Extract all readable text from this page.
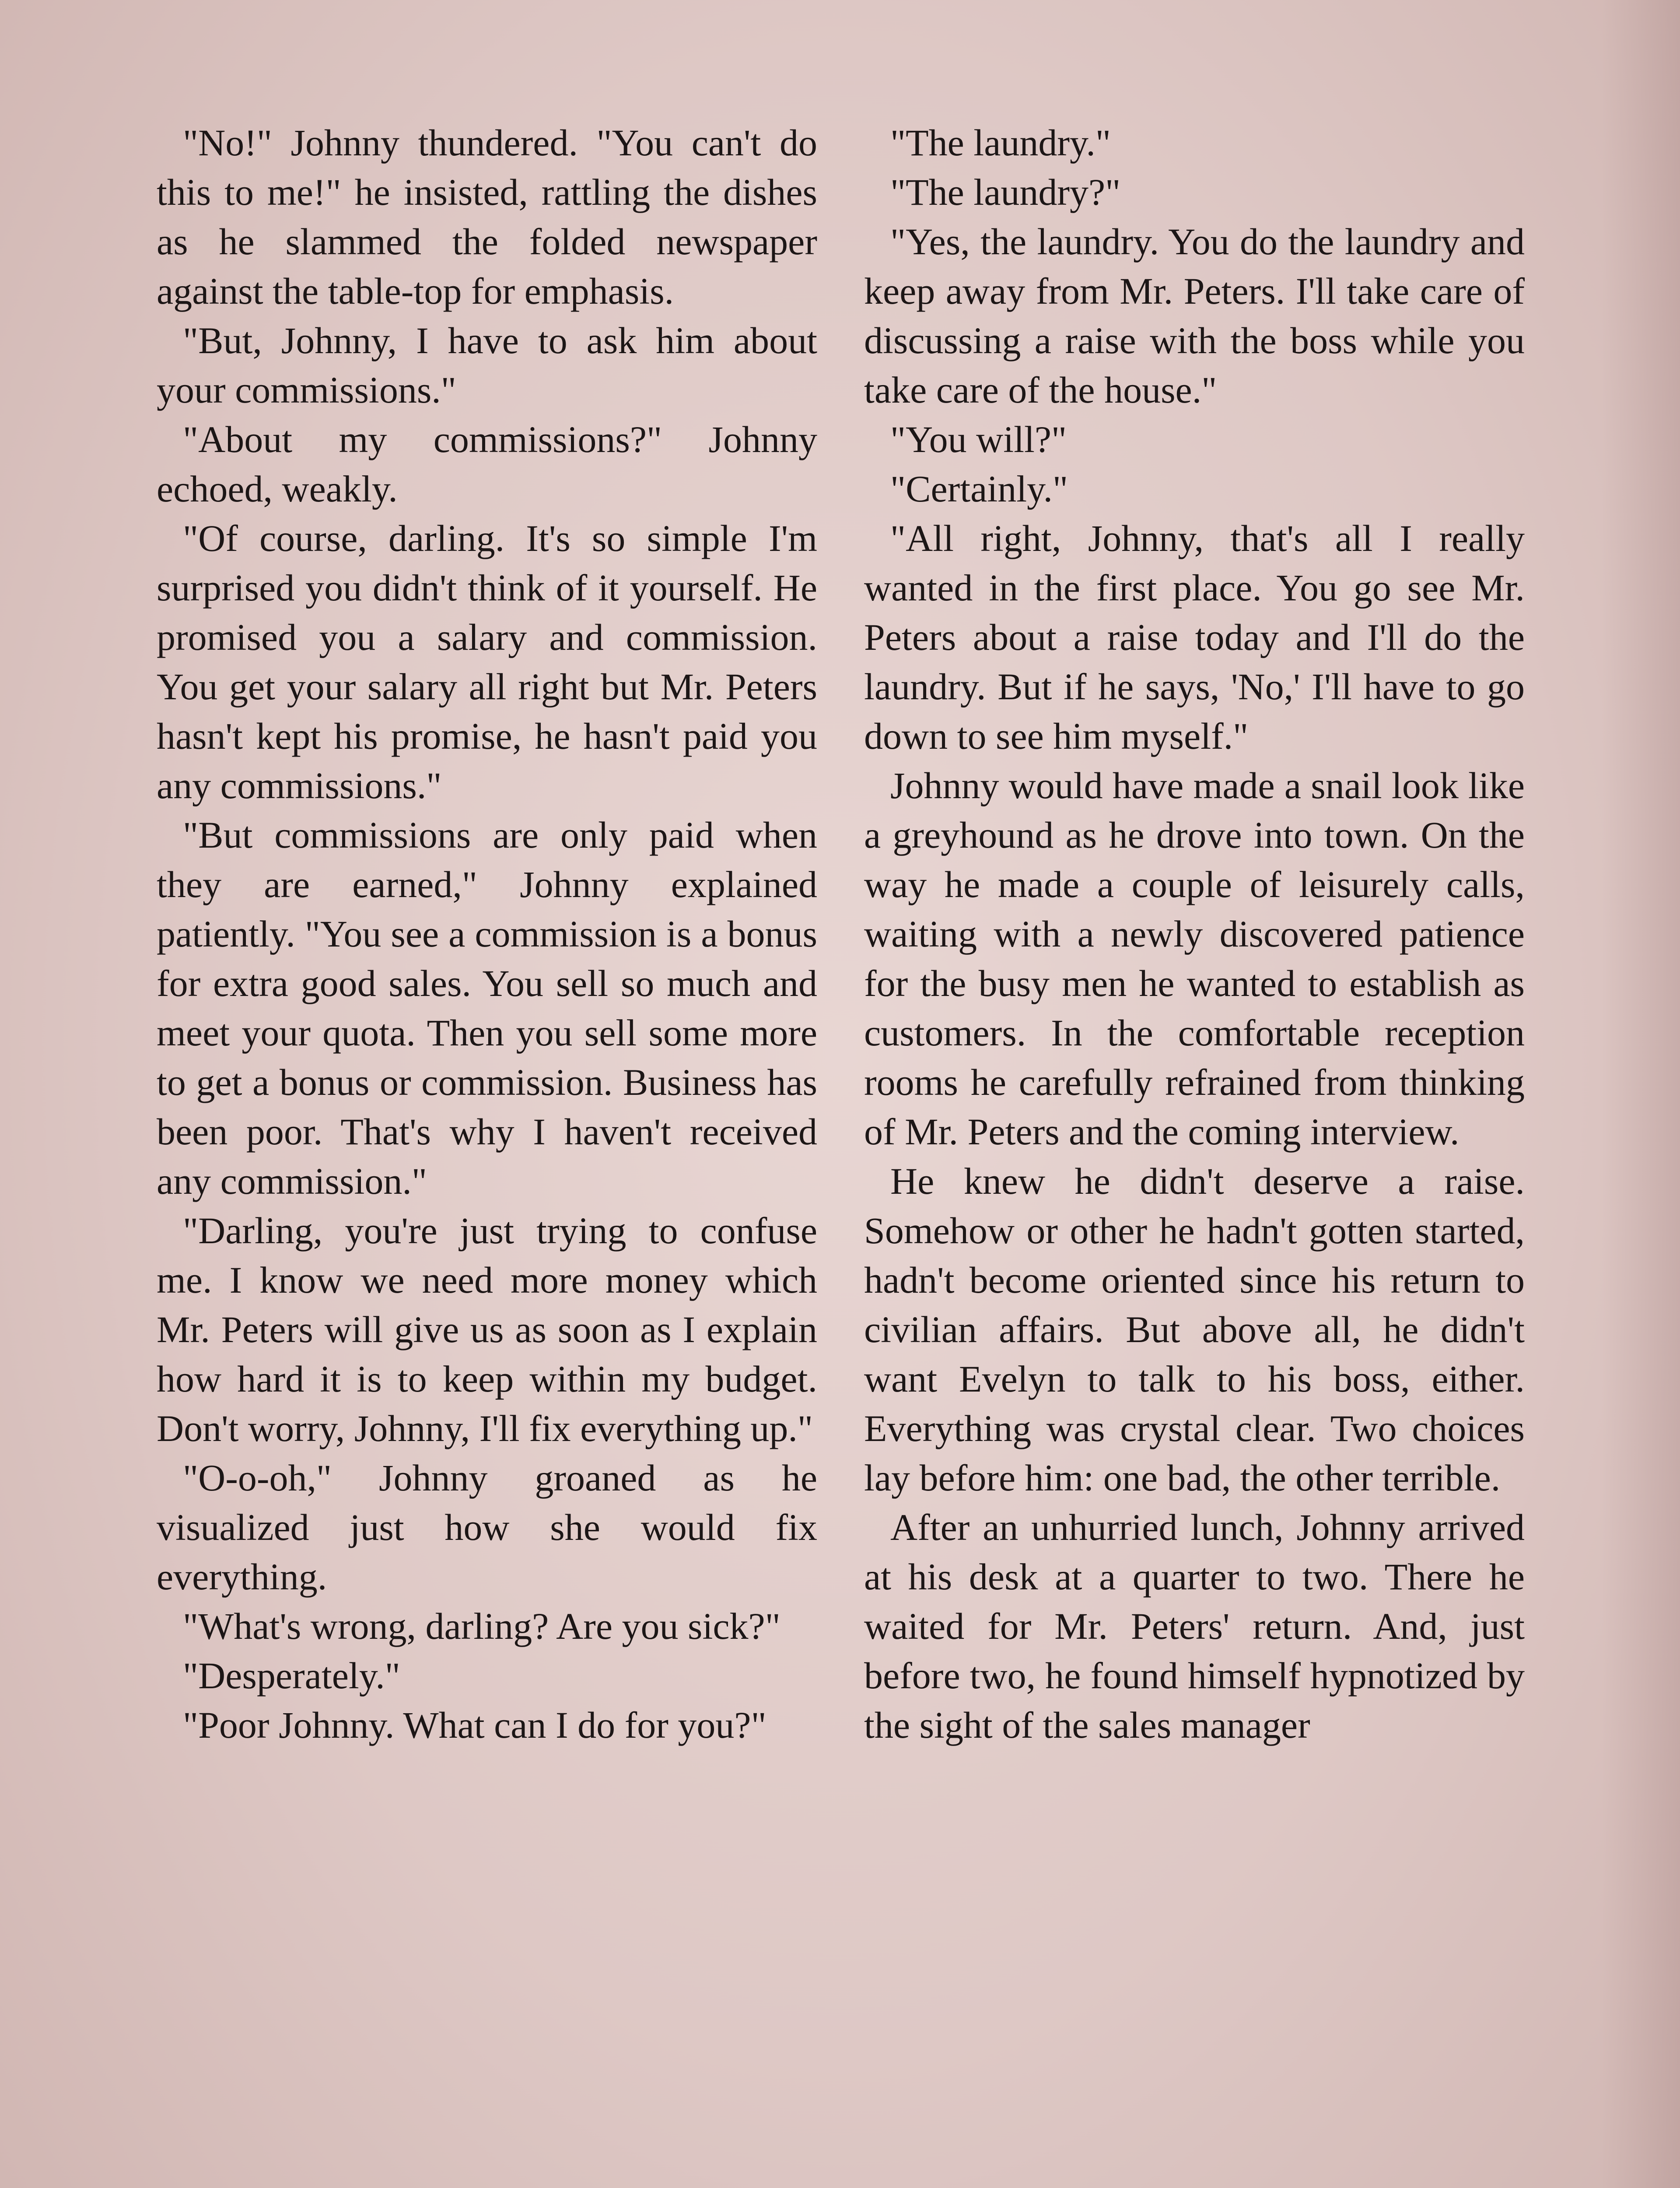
"No!" Johnny thundered. "You can't do this to me!" he insisted, rattling the dishes as he slammed the folded newspaper against the table-top for emphasis.

"But, Johnny, I have to ask him about your commissions."

"About my commissions?" Johnny echoed, weakly.

"Of course, darling. It's so simple I'm surprised you didn't think of it yourself. He promised you a salary and commission. You get your salary all right but Mr. Peters hasn't kept his promise, he hasn't paid you any commissions."

"But commissions are only paid when they are earned," Johnny explained patiently. "You see a commission is a bonus for extra good sales. You sell so much and meet your quota. Then you sell some more to get a bonus or commission. Business has been poor. That's why I haven't received any commission."

"Darling, you're just trying to confuse me. I know we need more money which Mr. Peters will give us as soon as I explain how hard it is to keep within my budget. Don't worry, Johnny, I'll fix everything up."

"O-o-oh," Johnny groaned as he visualized just how she would fix everything.

"What's wrong, darling? Are you sick?"

"Desperately."

"Poor Johnny. What can I do for you?"

"The laundry."

"The laundry?"

"Yes, the laundry. You do the laundry and keep away from Mr. Peters. I'll take care of discussing a raise with the boss while you take care of the house."

"You will?"

"Certainly."

"All right, Johnny, that's all I really wanted in the first place. You go see Mr. Peters about a raise today and I'll do the laundry. But if he says, 'No,' I'll have to go down to see him myself."

Johnny would have made a snail look like a greyhound as he drove into town. On the way he made a couple of leisurely calls, waiting with a newly discovered patience for the busy men he wanted to establish as customers. In the comfortable reception rooms he carefully refrained from thinking of Mr. Peters and the coming interview.

He knew he didn't deserve a raise. Somehow or other he hadn't gotten started, hadn't become oriented since his return to civilian affairs. But above all, he didn't want Evelyn to talk to his boss, either. Everything was crystal clear. Two choices lay before him: one bad, the other terrible.

After an unhurried lunch, Johnny arrived at his desk at a quarter to two. There he waited for Mr. Peters' return. And, just before two, he found himself hypnotized by the sight of the sales manager
